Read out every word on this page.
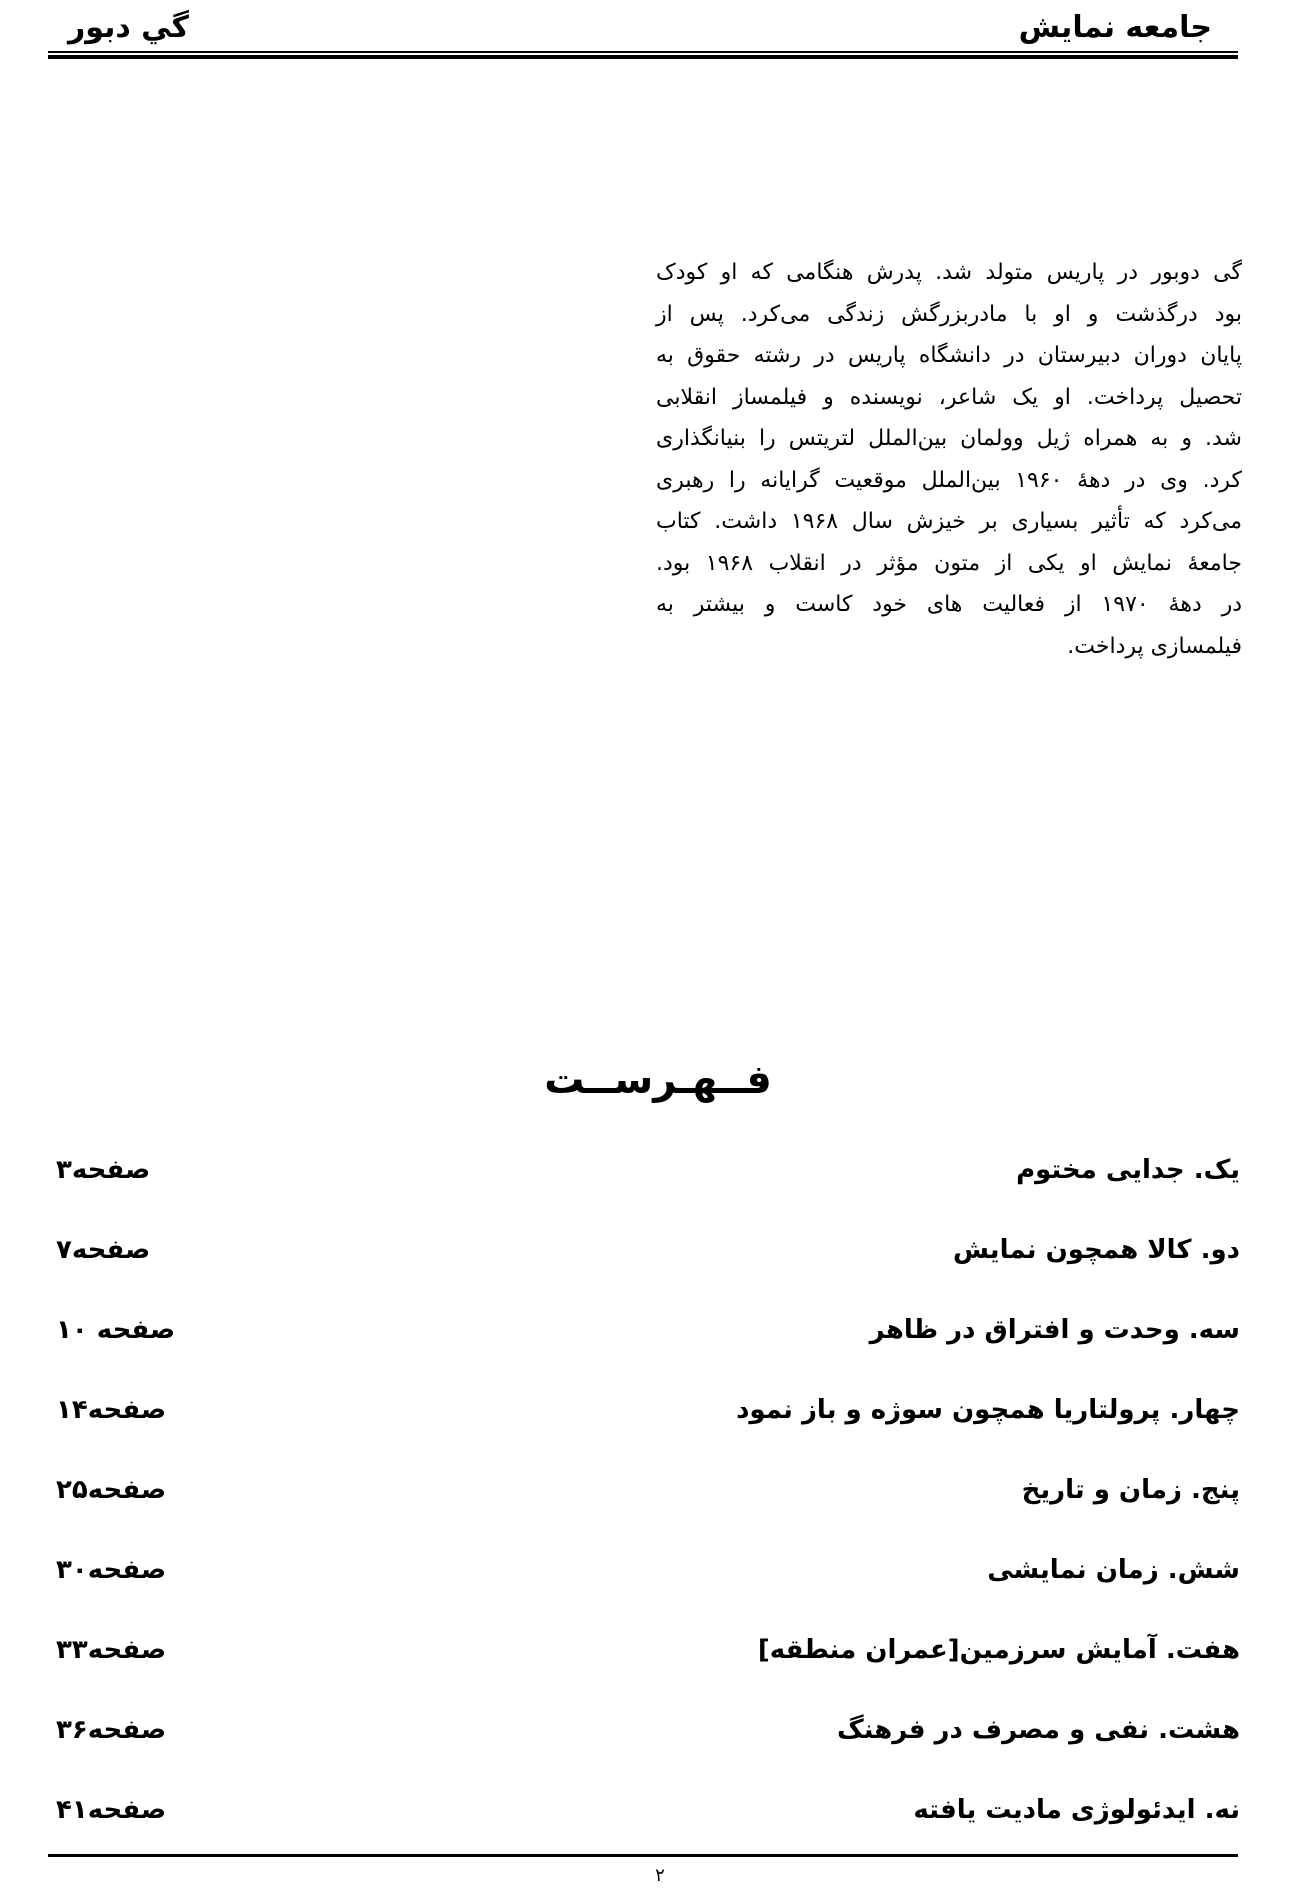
جامعه نمایش
گي دبور
گی دوبور در پاریس متولد شد. پدرش هنگامی که او کودک
بود درگذشت و او با مادربزرگش زندگی می‌کرد. پس از
پایان دوران دبیرستان در دانشگاه پاریس در رشته حقوق به
تحصیل پرداخت. او یک شاعر، نویسنده و فیلمساز انقلابی
شد. و به همراه ژیل وولمان بین‌الملل لتریتس را بنیانگذاری
کرد. وی در دههٔ ۱۹۶۰ بین‌الملل موقعیت گرایانه را رهبری
می‌کرد که تأثیر بسیاری بر خیزش سال ۱۹۶۸ داشت. کتاب
جامعهٔ نمایش او یکی از متون مؤثر در انقلاب ۱۹۶۸ بود.
در دههٔ ۱۹۷۰ از فعالیت های خود کاست و بیشتر به
فیلمسازی پرداخت.
فــهـرســت
یک. جدایی مختوم
صفحه۳
دو. کالا همچون نمایش
صفحه۷
سه. وحدت و افتراق در ظاهر
صفحه ۱۰
چهار. پرولتاریا همچون سوژه و باز نمود
صفحه۱۴
پنج. زمان و تاریخ
صفحه۲۵
شش. زمان نمایشی
صفحه۳۰
هفت. آمایش سرزمین[عمران منطقه]
صفحه۳۳
هشت. نفی و مصرف در فرهنگ
صفحه۳۶
نه. ایدئولوژی مادیت یافته
صفحه۴۱
۲
